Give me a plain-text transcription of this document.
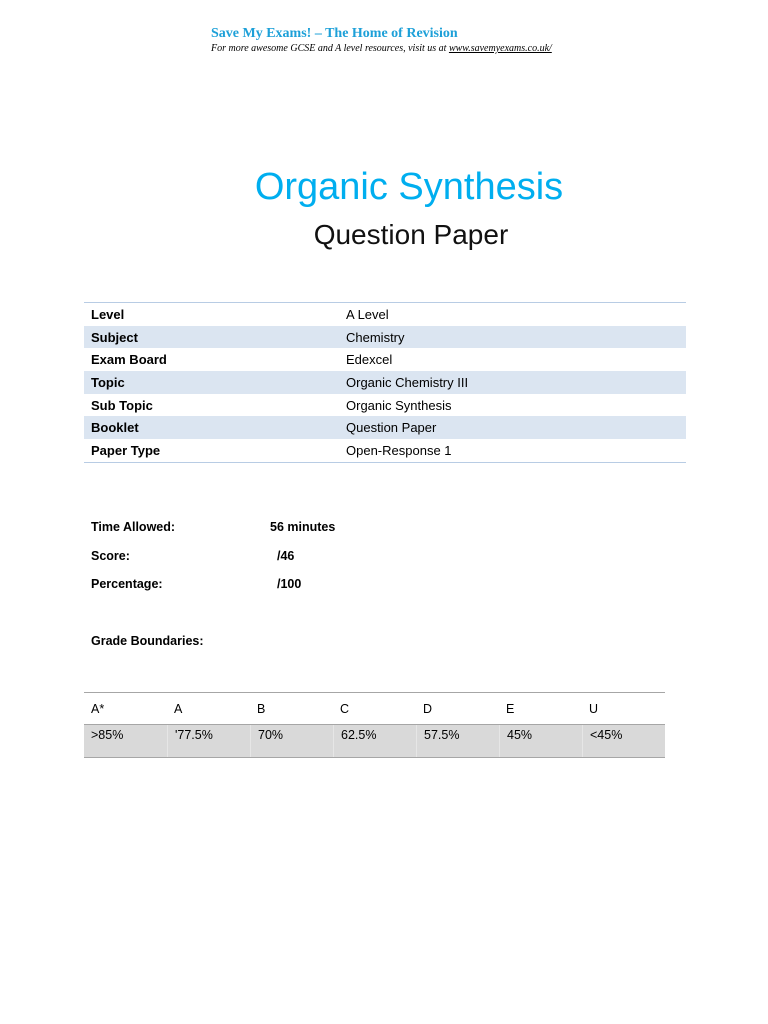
Save My Exams! – The Home of Revision
For more awesome GCSE and A level resources, visit us at www.savemyexams.co.uk/
Organic Synthesis
Question Paper
Level	A Level
Subject	Chemistry
Exam Board	Edexcel
Topic	Organic Chemistry III
Sub Topic	Organic Synthesis
Booklet	Question Paper
Paper Type	Open-Response 1
Time Allowed:	56 minutes
Score:	/46
Percentage:	/100
Grade Boundaries:
A*	A	B	C	D	E	U
>85%	'77.5%	70%	62.5%	57.5%	45%	<45%
